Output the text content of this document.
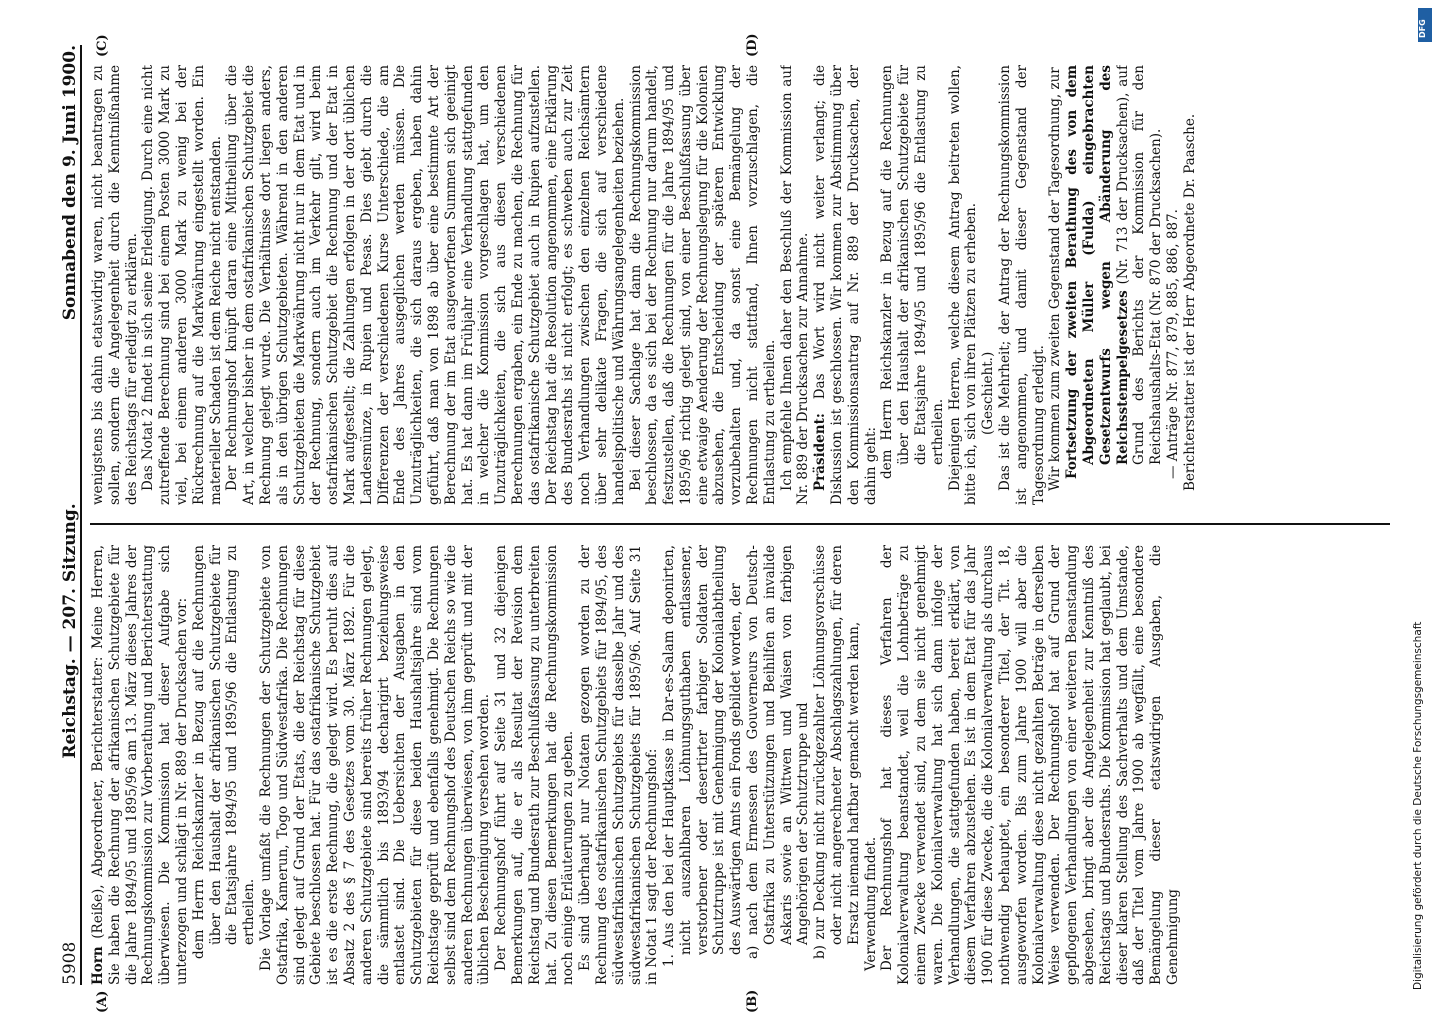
5908
Reichstag. — 207. Sitzung.
Sonnabend den 9. Juni 1900.

Horn (Reiße), Abgeordneter, Berichterstatter: Meine Herren, Sie haben die Rechnung der afrikanischen Schutzgebiete für die Jahre 1894/95 und 1895/96 am 13. März dieses Jahres der Rechnungskommission zur Vorberathung und Berichterstattung überwiesen. Die Kommission hat dieser Aufgabe sich unterzogen und schlägt in Nr. 889 der Drucksachen vor: dem Herrn Reichskanzler in Bezug auf die Rechnungen über den Haushalt der afrikanischen Schutzgebiete für die Etatsjahre 1894/95 und 1895/96 die Entlastung zu ertheilen. Die Vorlage umfaßt die Rechnungen der Schutzgebiete von Ostafrika, Kamerun, Togo und Südwestafrika. Die Rechnungen sind gelegt auf Grund der Etats, die der Reichstag für diese Gebiete beschlossen hat. Für das ostafrikanische Schutzgebiet ist es die erste Rechnung, die gelegt wird. Es beruht dies auf Absatz 2 des § 7 des Gesetzes vom 30. März 1892. Für die anderen Schutzgebiete sind bereits früher Rechnungen gelegt, die sämmtlich bis 1893/94 decharigirt beziehungsweise entlastet sind. Die Uebersichten der Ausgaben in den Schutzgebieten für diese beiden Haushaltsjahre sind vom Reichstage geprüft und ebenfalls genehmigt. Die Rechnungen selbst sind dem Rechnungshof des Deutschen Reichs so wie die anderen Rechnungen überwiesen, von ihm geprüft und mit der üblichen Bescheinigung versehen worden. Der Rechnungshof führt auf Seite 31 und 32 diejenigen Bemerkungen auf, die er als Resultat der Revision dem Reichstag und Bundesrath zur Beschlußfassung zu unterbreiten hat. Zu diesen Bemerkungen hat die Rechnungskommission noch einige Erläuterungen zu geben. Es sind überhaupt nur Notaten gezogen worden zu der Rechnung des ostafrikanischen Schutzgebiets für 1894/95, des südwestafrikanischen Schutzgebiets für dasselbe Jahr und des südwestafrikanischen Schutzgebiets für 1895/96. Auf Seite 31 in Notat 1 sagt der Rechnungshof: 1. Aus den bei der Hauptkasse in Dar-es-Salam deponirten, nicht auszahlbaren Löhnungsguthaben entlassener, verstorbener oder desertirter farbiger Soldaten der Schutztruppe ist mit Genehmigung der Kolonialabtheilung des Auswärtigen Amts ein Fonds gebildet worden, der a) nach dem Ermessen des Gouverneurs von Deutsch-Ostafrika zu Unterstützungen und Beihilfen an invalide Askaris sowie an Wittwen und Waisen von farbigen Angehörigen der Schutztruppe und b) zur Deckung nicht zurückgezahlter Löhnungsvorschüsse oder nicht angerechneter Abschlagszahlungen, für deren Ersatz niemand haftbar gemacht werden kann, Verwendung findet. Der Rechnungshof hat dieses Verfahren der Kolonialverwaltung beanstandet, weil die Lohnbeträge zu einem Zwecke verwendet sind, zu dem sie nicht genehmigt waren. Die Kolonialverwaltung hat sich dann infolge der Verhandlungen, die stattgefunden haben, bereit erklärt, von diesem Verfahren abzustehen. Es ist in dem Etat für das Jahr 1900 für diese Zwecke, die die Kolonialverwaltung als durchaus nothwendig behauptet, ein besonderer Titel, der Tit. 18, ausgeworfen worden. Bis zum Jahre 1900 will aber die Kolonialverwaltung diese nicht gezahlten Beträge in derselben Weise verwenden. Der Rechnungshof hat auf Grund der gepflogenen Verhandlungen von einer weiteren Beanstandung abgesehen, bringt aber die Angelegenheit zur Kenntniß des Reichstags und Bundesraths. Die Kommission hat geglaubt, bei dieser klaren Stellung des Sachverhalts und dem Umstande, daß der Titel vom Jahre 1900 ab wegfällt, eine besondere Bemängelung dieser etatswidrigen Ausgaben, die Genehmigung

wenigstens bis dahin etatswidrig waren, nicht beantragen zu sollen, sondern die Angelegenheit durch die Kenntnißnahme des Reichstags für erledigt zu erklären. Das Notat 2 findet in sich seine Erledigung. Durch eine nicht zutreffende Berechnung sind bei einem Posten 3000 Mark zu viel, bei einem anderen 3000 Mark zu wenig bei der Rückrechnung auf die Markwährung eingestellt worden. Ein materieller Schaden ist dem Reiche nicht entstanden. Der Rechnungshof knüpft daran eine Mittheilung über die Art, in welcher bisher in dem ostafrikanischen Schutzgebiet die Rechnung gelegt wurde. Die Verhältnisse dort liegen anders, als in den übrigen Schutzgebieten. Während in den anderen Schutzgebieten die Markwährung nicht nur in dem Etat und in der Rechnung, sondern auch im Verkehr gilt, wird beim ostafrikanischen Schutzgebiet die Rechnung und der Etat in Mark aufgestellt; die Zahlungen erfolgen in der dort üblichen Landesmünze, in Rupien und Pesas. Dies giebt durch die Differenzen der verschiedenen Kurse Unterschiede, die am Ende des Jahres ausgeglichen werden müssen. Die Unzuträglichkeiten, die sich daraus ergeben, haben dahin geführt, daß man von 1898 ab über eine bestimmte Art der Berechnung der im Etat ausgeworfenen Summen sich geeinigt hat. Es hat dann im Frühjahr eine Verhandlung stattgefunden in welcher die Kommission vorgeschlagen hat, um den Unzuträglichkeiten, die sich aus diesen verschiedenen Berechnungen ergaben, ein Ende zu machen, die Rechnung für das ostafrikanische Schutzgebiet auch in Rupien aufzustellen. Der Reichstag hat die Resolution angenommen, eine Erklärung des Bundesraths ist nicht erfolgt; es schweben auch zur Zeit noch Verhandlungen zwischen den einzelnen Reichsämtern über sehr delikate Fragen, die sich auf verschiedene handelspolitische und Währungsangelegenheiten beziehen. Bei dieser Sachlage hat dann die Rechnungskommission beschlossen, da es sich bei der Rechnung nur darum handelt, festzustellen, daß die Rechnungen für die Jahre 1894/95 und 1895/96 richtig gelegt sind, von einer Beschlußfassung über eine etwaige Aenderung der Rechnungslegung für die Kolonien abzusehen, die Entscheidung der späteren Entwicklung vorzubehalten und, da sonst eine Bemängelung der Rechnungen nicht stattfand, Ihnen vorzuschlagen, die Entlastung zu ertheilen. Ich empfehle Ihnen daher den Beschluß der Kommission auf Nr. 889 der Drucksachen zur Annahme. Präsident: Das Wort wird nicht weiter verlangt; die Diskussion ist geschlossen. Wir kommen zur Abstimmung über den Kommissionsantrag auf Nr. 889 der Drucksachen, der dahin geht: dem Herrn Reichskanzler in Bezug auf die Rechnungen über den Haushalt der afrikanischen Schutzgebiete für die Etatsjahre 1894/95 und 1895/96 die Entlastung zu ertheilen. Diejenigen Herren, welche diesem Antrag beitreten wollen, bitte ich, sich von ihren Plätzen zu erheben. (Geschieht.) Das ist die Mehrheit; der Antrag der Rechnungskommission ist angenommen, und damit dieser Gegenstand der Tagesordnung erledigt. Wir kommen zum zweiten Gegenstand der Tagesordnung, zur Fortsetzung der zweiten Berathung des von dem Abgeordneten Müller (Fulda) eingebrachten Gesetzentwurfs wegen Abänderung des Reichsstempelgesetzes (Nr. 713 der Drucksachen), auf Grund des Berichts der Kommission für den Reichshaushalts-Etat (Nr. 870 der Drucksachen). — Anträge Nr. 877, 879, 885, 886, 887. Berichterstatter ist der Herr Abgeordnete Dr. Paasche.

(A)	(B)
(C)	(D)
Digitalisierung gefördert durch die Deutsche Forschungsgemeinschaft
DFG
